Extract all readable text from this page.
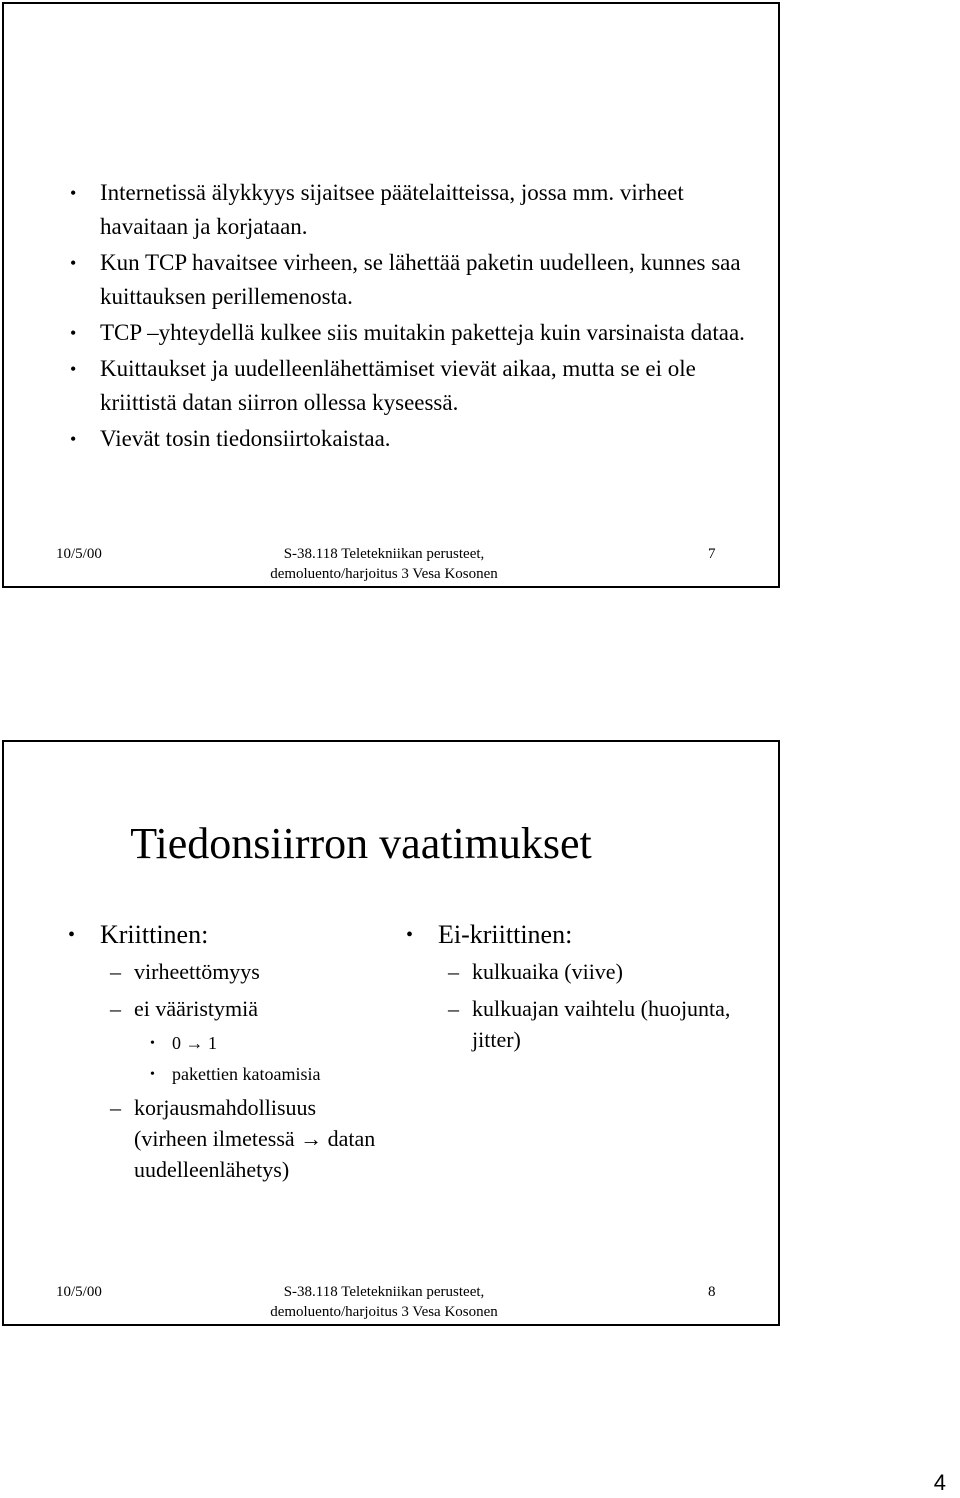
• Internetissä älykkyys sijaitsee päätelaitteissa, jossa mm. virheet havaitaan ja korjataan.
• Kun TCP havaitsee virheen, se lähettää paketin uudelleen, kunnes saa kuittauksen perillemenosta.
• TCP –yhteydellä kulkee siis muitakin paketteja kuin varsinaista dataa.
• Kuittaukset ja uudelleenlähettämiset vievät aikaa, mutta se ei ole kriittistä datan siirron ollessa kyseessä.
• Vievät tosin tiedonsiirtokaistaa.
10/5/00	S-38.118 Teletekniikan perusteet, demoluento/harjoitus 3 Vesa Kosonen
7
Tiedonsiirron vaatimukset
• Kriittinen:
– virheettömyys
– ei vääristymiä
• 0 → 1
• pakettien katoamisia
– korjausmahdollisuus (virheen ilmetessä → datan uudelleenlähetys)
• Ei-kriittinen:
– kulkuaika (viive)
– kulkuajan vaihtelu (huojunta, jitter)
10/5/00	S-38.118 Teletekniikan perusteet, demoluento/harjoitus 3 Vesa Kosonen
8
4
